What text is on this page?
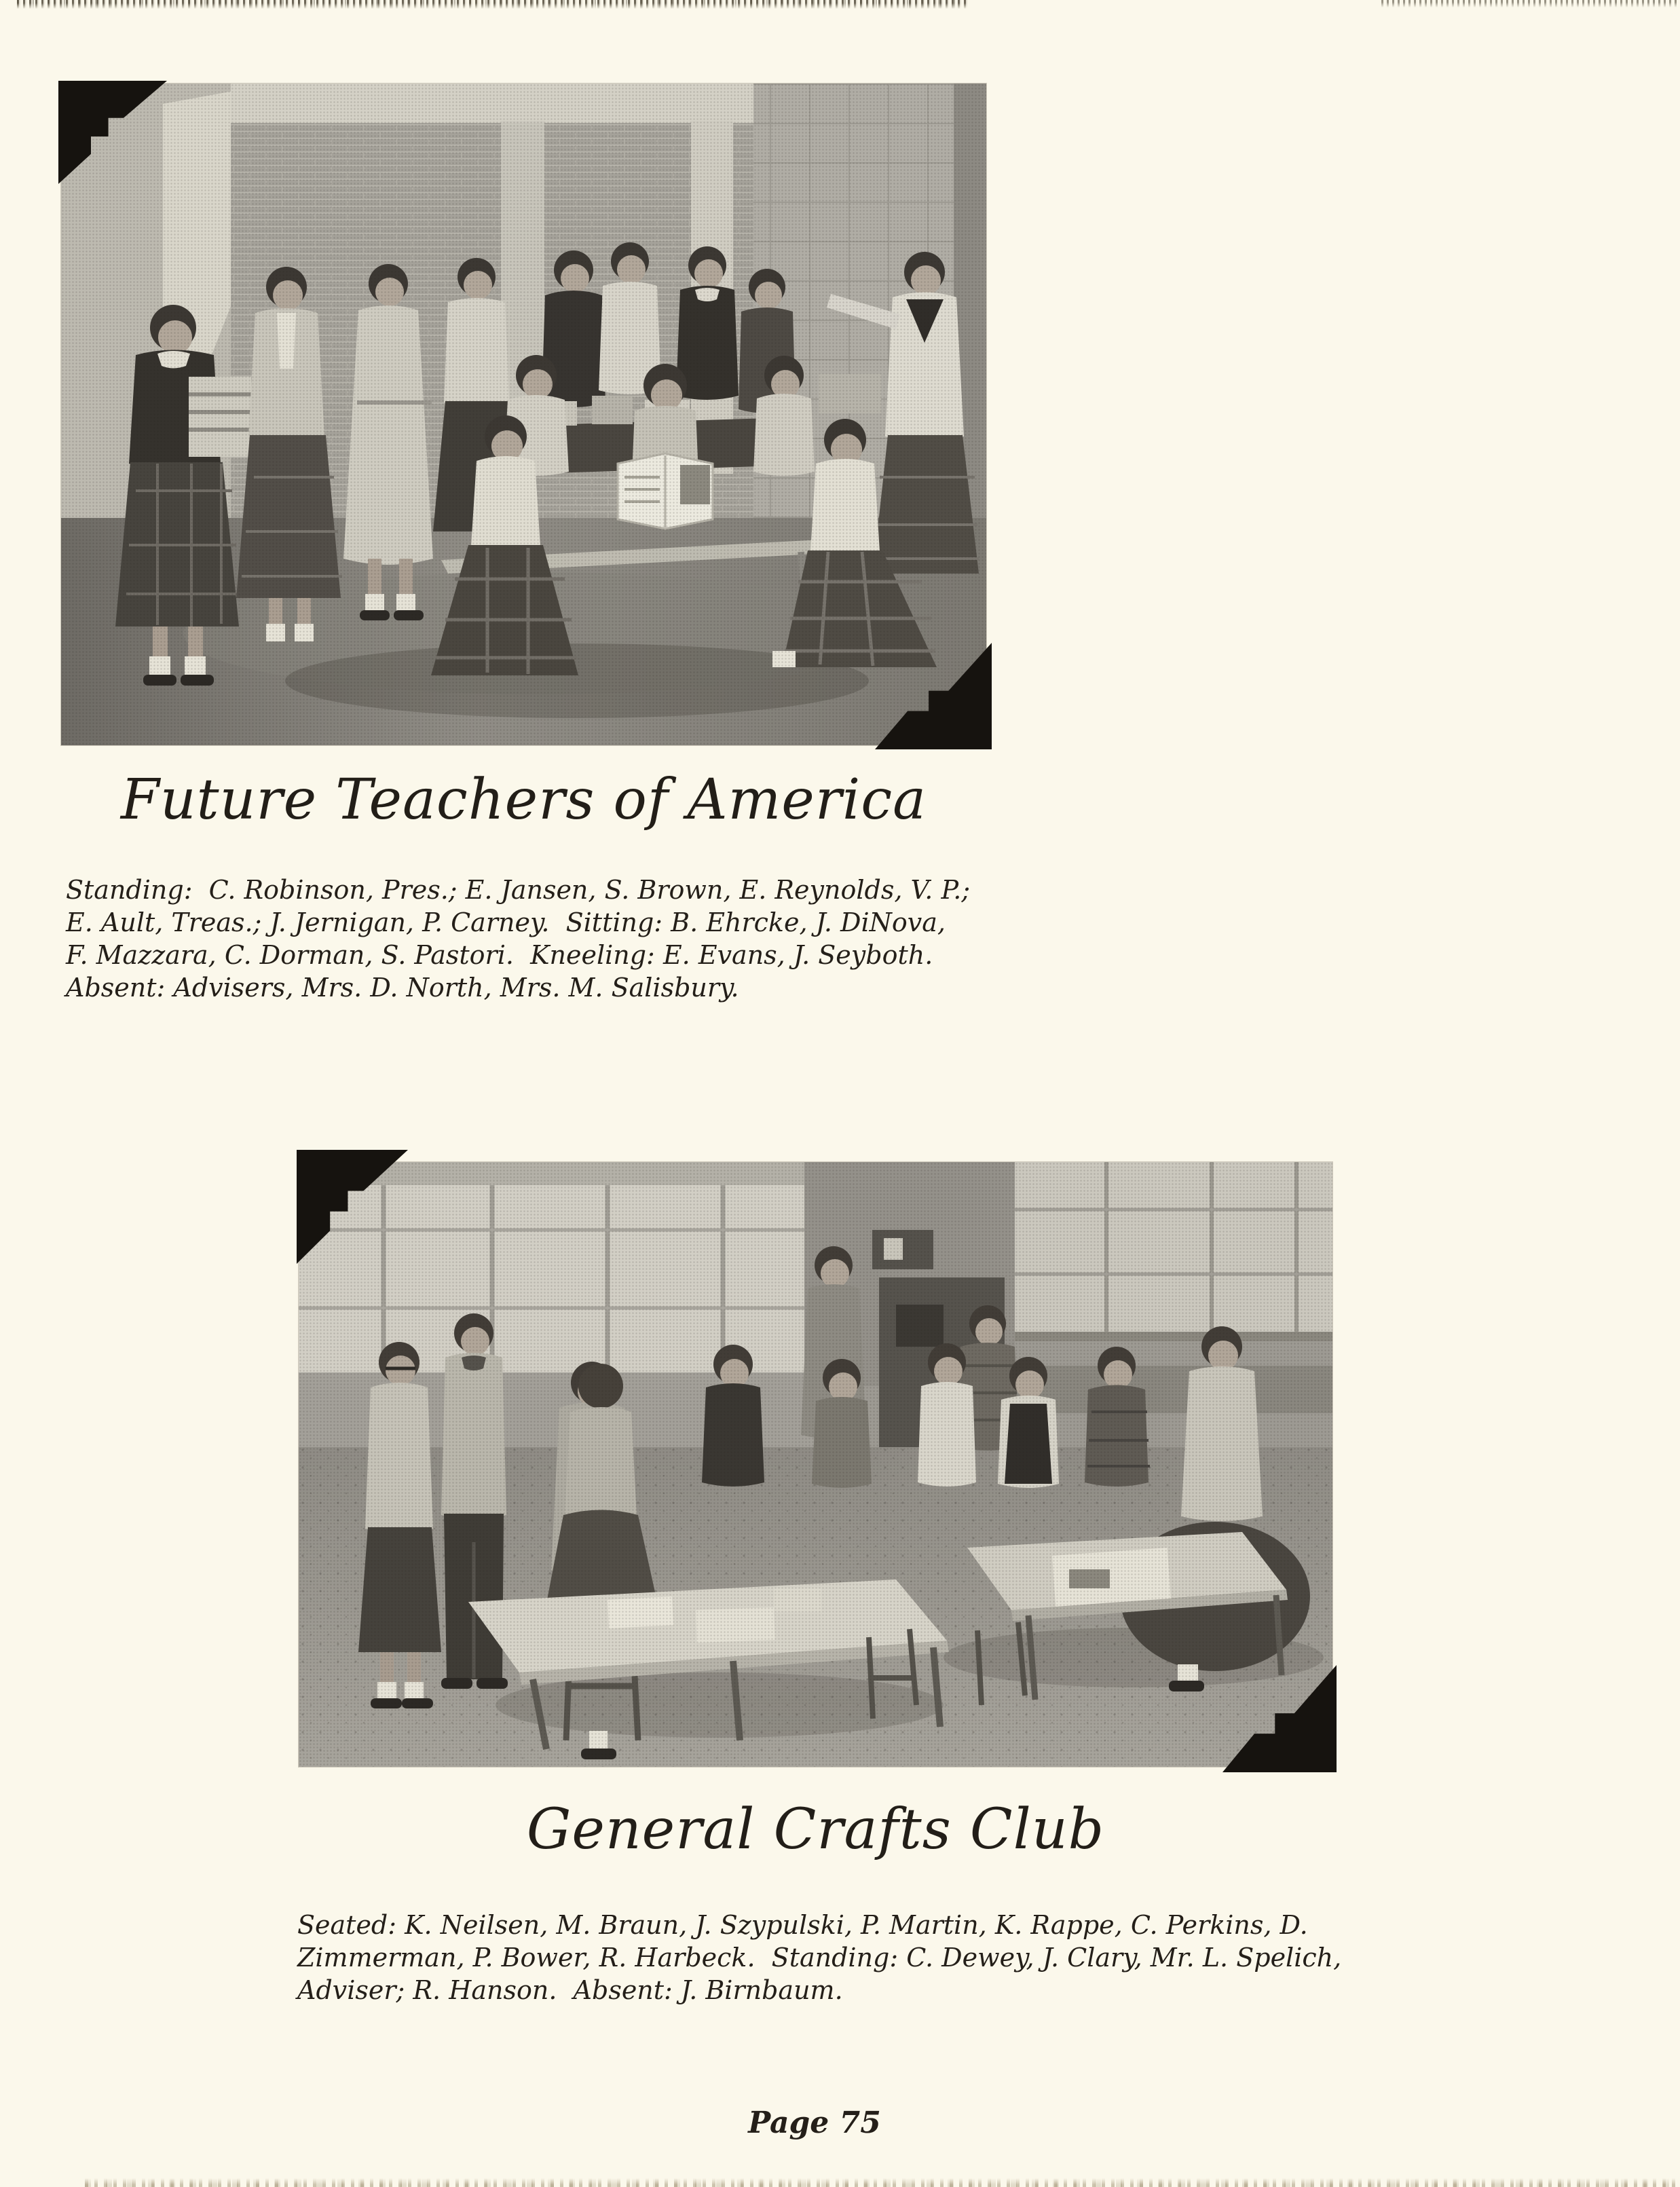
Future Teachers of America

Standing:  C. Robinson, Pres.; E. Jansen, S. Brown, E. Reynolds, V. P.;
E. Ault, Treas.; J. Jernigan, P. Carney.  Sitting: B. Ehrcke, J. DiNova,
F. Mazzara, C. Dorman, S. Pastori.  Kneeling: E. Evans, J. Seyboth.
Absent: Advisers, Mrs. D. North, Mrs. M. Salisbury.

General Crafts Club

Seated: K. Neilsen, M. Braun, J. Szypulski, P. Martin, K. Rappe, C. Perkins, D.
Zimmerman, P. Bower, R. Harbeck.  Standing: C. Dewey, J. Clary, Mr. L. Spelich,
Adviser; R. Hanson.  Absent: J. Birnbaum.

Page 75
